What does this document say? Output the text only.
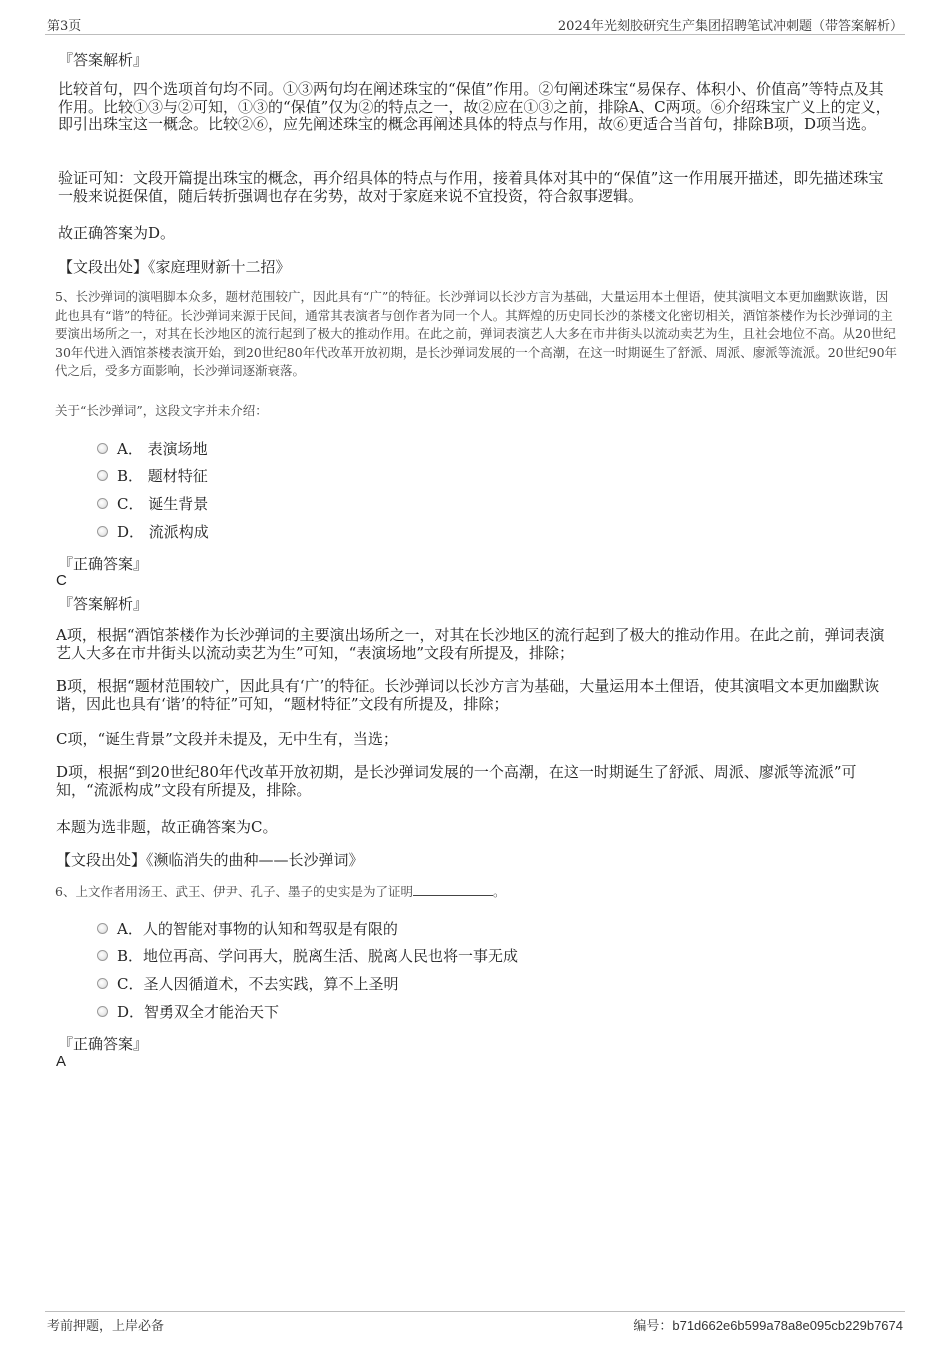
第3页	2024年光刻胶研究生产集团招聘笔试冲刺题（带答案解析）
『答案解析』
比较首句，四个选项首句均不同。①③两句均在阐述珠宝的“保值”作用。②句阐述珠宝“易保存、体积小、价值高”等特点及其作用。比较①③与②可知，①③的“保值”仅为②的特点之一，故②应在①③之前，排除A、C两项。⑥介绍珠宝广义上的定义，即引出珠宝这一概念。比较②⑥，应先阐述珠宝的概念再阐述具体的特点与作用，故⑥更适合当首句，排除B项，D项当选。
验证可知：文段开篇提出珠宝的概念，再介绍具体的特点与作用，接着具体对其中的“保值”这一作用展开描述，即先描述珠宝一般来说挺保值，随后转折强调也存在劣势，故对于家庭来说不宜投资，符合叙事逻辑。
故正确答案为D。
【文段出处】《家庭理财新十二招》
5、长沙弹词的演唱脚本众多，题材范围较广，因此具有“广”的特征。长沙弹词以长沙方言为基础，大量运用本土俚语，使其演唱文本更加幽默诙谐，因此也具有“谐”的特征。长沙弹词来源于民间，通常其表演者与创作者为同一个人。其辉煌的历史同长沙的茶楼文化密切相关，酒馆茶楼作为长沙弹词的主要演出场所之一，对其在长沙地区的流行起到了极大的推动作用。在此之前，弹词表演艺人大多在市井街头以流动卖艺为生，且社会地位不高。从20世纪30年代进入酒馆茶楼表演开始，到20世纪80年代改革开放初期，是长沙弹词发展的一个高潮，在这一时期诞生了舒派、周派、廖派等流派。20世纪90年代之后，受多方面影响，长沙弹词逐渐衰落。
关于“长沙弹词”，这段文字并未介绍：
A． 表演场地
B． 题材特征
C． 诞生背景
D． 流派构成
『正确答案』
C
『答案解析』
A项，根据“酒馆茶楼作为长沙弹词的主要演出场所之一，对其在长沙地区的流行起到了极大的推动作用。在此之前，弹词表演艺人大多在市井街头以流动卖艺为生”可知，“表演场地”文段有所提及，排除；
B项，根据“题材范围较广，因此具有‘广’的特征。长沙弹词以长沙方言为基础，大量运用本土俚语，使其演唱文本更加幽默诙谐，因此也具有‘谐’的特征”可知，“题材特征”文段有所提及，排除；
C项，“诞生背景”文段并未提及，无中生有，当选；
D项，根据“到20世纪80年代改革开放初期，是长沙弹词发展的一个高潮，在这一时期诞生了舒派、周派、廖派等流派”可知，“流派构成”文段有所提及，排除。
本题为选非题，故正确答案为C。
【文段出处】《濒临消失的曲种——长沙弹词》
6、上文作者用汤王、武王、伊尹、孔子、墨子的史实是为了证明	。
A．人的智能对事物的认知和驾驭是有限的
B．地位再高、学问再大，脱离生活、脱离人民也将一事无成
C．圣人因循道术，不去实践，算不上圣明
D．智勇双全才能治天下
『正确答案』
A
考前押题，上岸必备	编号：b71d662e6b599a78a8e095cb229b7674
